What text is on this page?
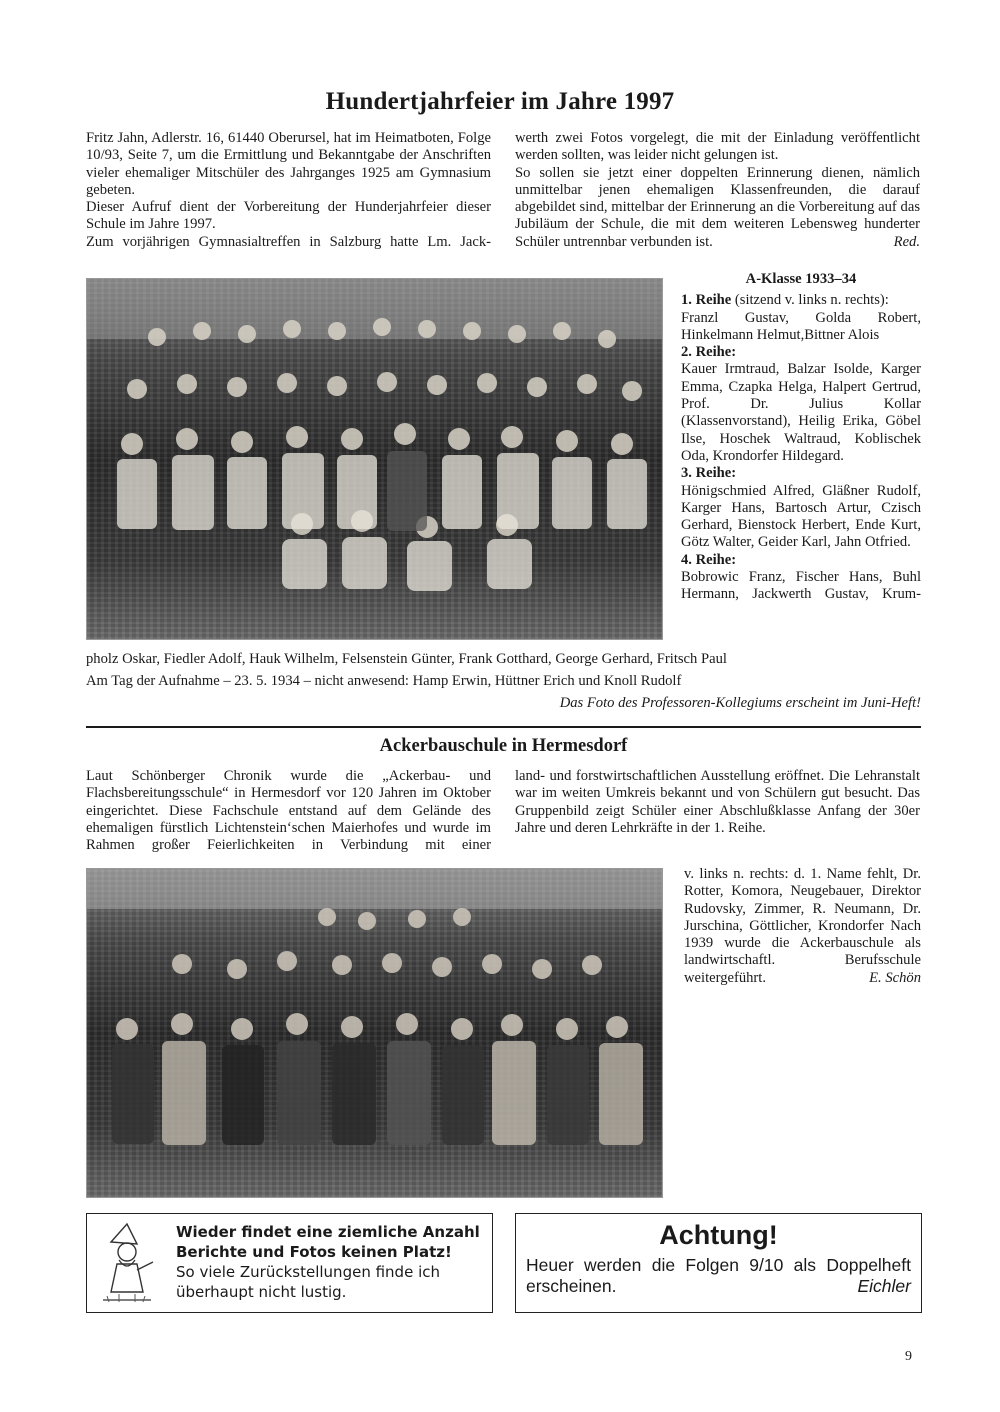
Hundertjahrfeier im Jahre 1997

Fritz Jahn, Adlerstr. 16, 61440 Oberursel, hat im Heimatboten, Folge 10/93, Seite 7, um die Ermittlung und Bekanntgabe der Anschriften vieler ehemaliger Mitschüler des Jahrganges 1925 am Gymnasium gebeten.

Dieser Aufruf dient der Vorbereitung der Hunderjahrfeier dieser Schule im Jahre 1997.

Zum vorjährigen Gymnasialtreffen in Salzburg hatte Lm. Jack-

werth zwei Fotos vorgelegt, die mit der Einladung veröffentlicht werden sollten, was leider nicht gelungen ist.

So sollen sie jetzt einer doppelten Erinnerung dienen, nämlich unmittelbar jenen ehemaligen Klassenfreunden, die darauf abgebildet sind, mittelbar der Erinnerung an die Vorbereitung auf das Jubiläum der Schule, die mit dem weiteren Lebensweg hunderter Schüler untrennbar verbunden ist.	Red.
A-Klasse 1933–34
1. Reihe (sitzend v. links n. rechts):
Franzl Gustav, Golda Robert, Hinkelmann Helmut,Bittner Alois
2. Reihe:
Kauer Irmtraud, Balzar Isolde, Karger Emma, Czapka Helga, Halpert Gertrud, Prof. Dr. Julius Kollar (Klassenvorstand), Heilig Erika, Göbel Ilse, Hoschek Waltraud, Koblischek Oda, Krondorfer Hildegard.
3. Reihe:
Hönigschmied Alfred, Gläßner Rudolf, Karger Hans, Bartosch Artur, Czisch Gerhard, Bienstock Herbert, Ende Kurt, Götz Walter, Geider Karl, Jahn Otfried.
4. Reihe:
Bobrowic Franz, Fischer Hans, Buhl Hermann, Jackwerth Gustav, Krum-
pholz Oskar, Fiedler Adolf, Hauk Wilhelm, Felsenstein Günter, Frank Gotthard, George Gerhard, Fritsch Paul
Am Tag der Aufnahme – 23. 5. 1934 – nicht anwesend: Hamp Erwin, Hüttner Erich und Knoll Rudolf
Das Foto des Professoren-Kollegiums erscheint im Juni-Heft!
Ackerbauschule in Hermesdorf

Laut Schönberger Chronik wurde die „Ackerbau- und Flachsbereitungsschule“ in Hermesdorf vor 120 Jahren im Oktober eingerichtet. Diese Fachschule entstand auf dem Gelände des ehemaligen fürstlich Lichtenstein‘schen Maierhofes und wurde im Rahmen großer Feierlichkeiten in Verbindung mit einer

land- und forstwirtschaftlichen Ausstellung eröffnet. Die Lehranstalt war im weiten Umkreis bekannt und von Schülern gut besucht. Das Gruppenbild zeigt Schüler einer Abschlußklasse Anfang der 30er Jahre und deren Lehrkräfte in der 1. Reihe.

v. links n. rechts: d. 1. Name fehlt, Dr. Rotter, Komora, Neugebauer, Direktor Rudovsky, Zimmer, R. Neumann, Dr. Jurschina, Göttlicher, Krondorfer Nach 1939 wurde die Ackerbauschule als landwirtschaftl. Berufsschule weitergeführt.	E. Schön
Wieder findet eine ziemliche Anzahl
Berichte und Fotos keinen Platz!
So viele Zurückstellungen finde ich
überhaupt nicht lustig.
Achtung!
Heuer werden die Folgen 9/10 als Doppelheft erscheinen.	Eichler
9
